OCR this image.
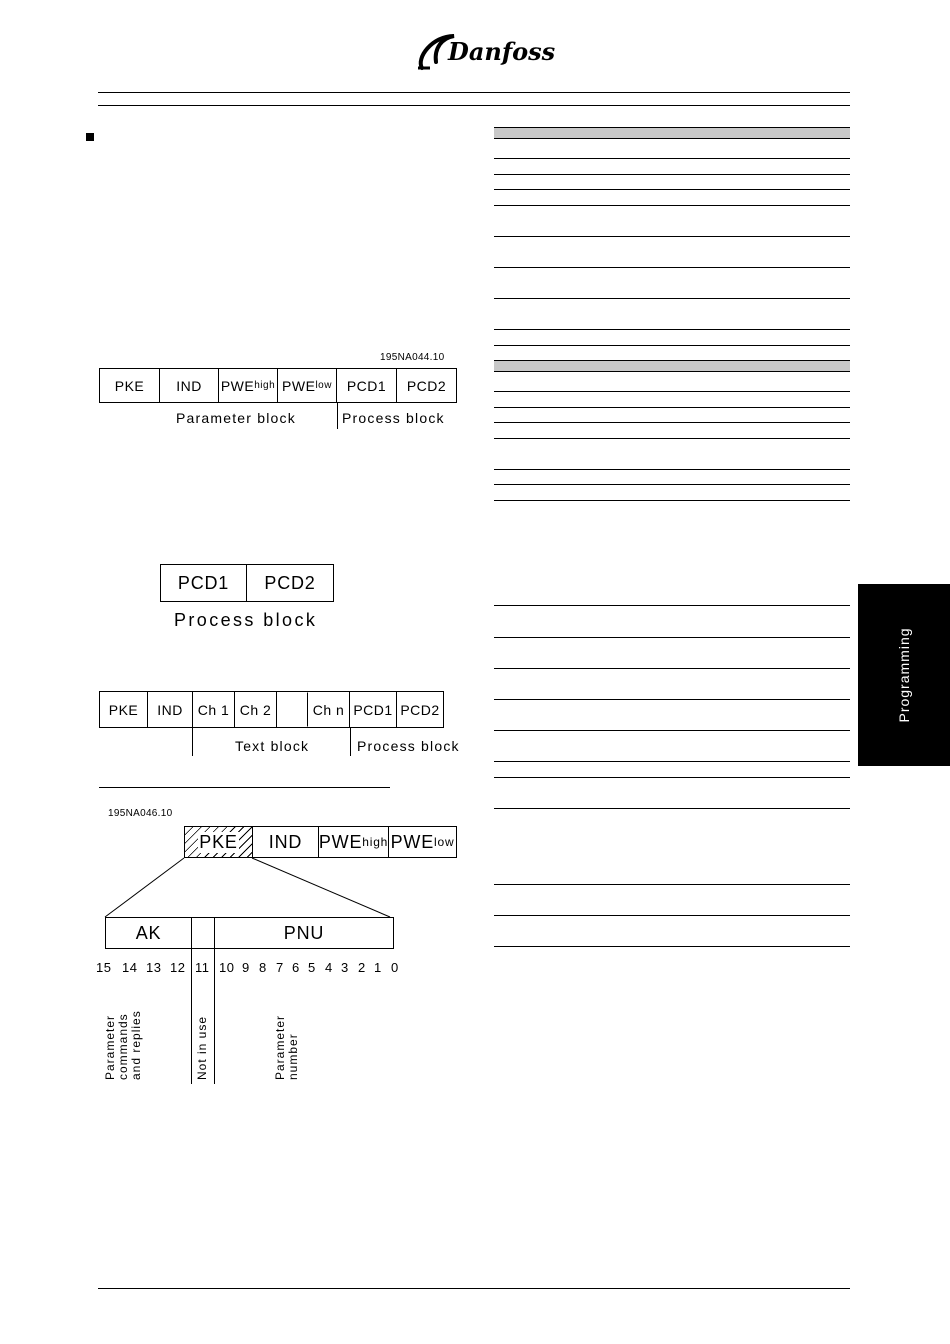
Danfoss
Programming
195NA044.10
PKE IND PWE high PWE low PCD1 PCD2
Parameter block	Process block
PCD1 PCD2
Process block
PKE IND Ch 1 Ch 2	Ch n PCD1 PCD2
Text block	Process block
195NA046.10
PKE IND PWE high PWE low
AK	PNU
15 14 13 12 11 10 9 8 7 6 5 4 3 2 1 0
Parameter commands and replies	Not in use	Parameter number
